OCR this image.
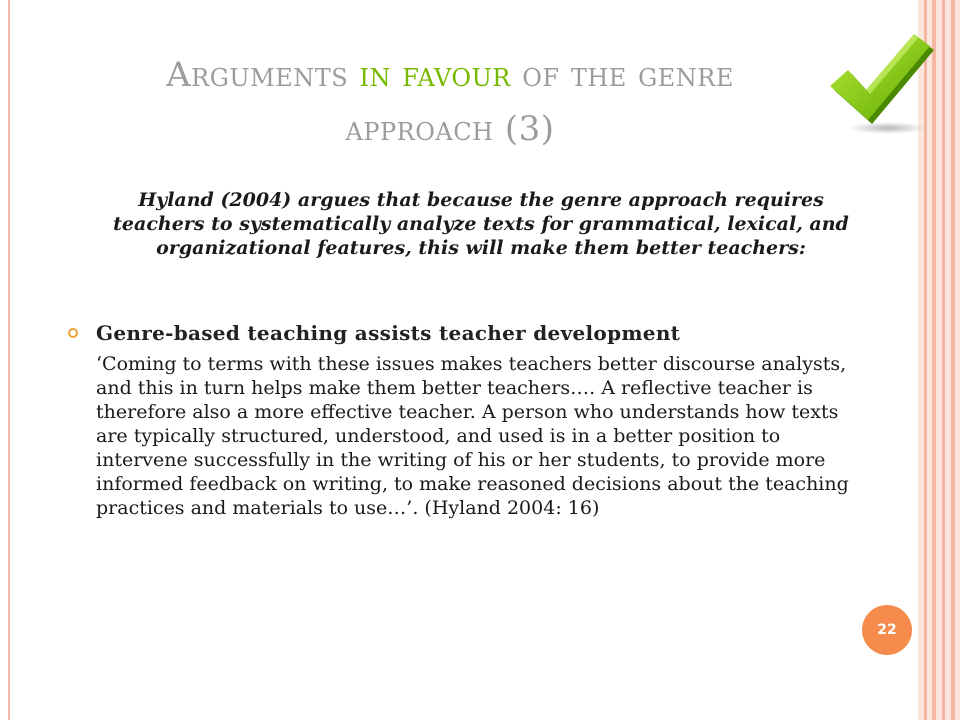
Arguments in favour of the genre
approach (3)
Hyland (2004) argues that because the genre approach requires teachers to systematically analyze texts for grammatical, lexical, and organizational features, this will make them better teachers:
Genre-based teaching assists teacher development
‘Coming to terms with these issues makes teachers better discourse analysts, and this in turn helps make them better teachers…. A reflective teacher is therefore also a more effective teacher. A person who understands how texts are typically structured, understood, and used is in a better position to intervene successfully in the writing of his or her students, to provide more informed feedback on writing, to make reasoned decisions about the teaching practices and materials to use…’. (Hyland 2004: 16)
22
